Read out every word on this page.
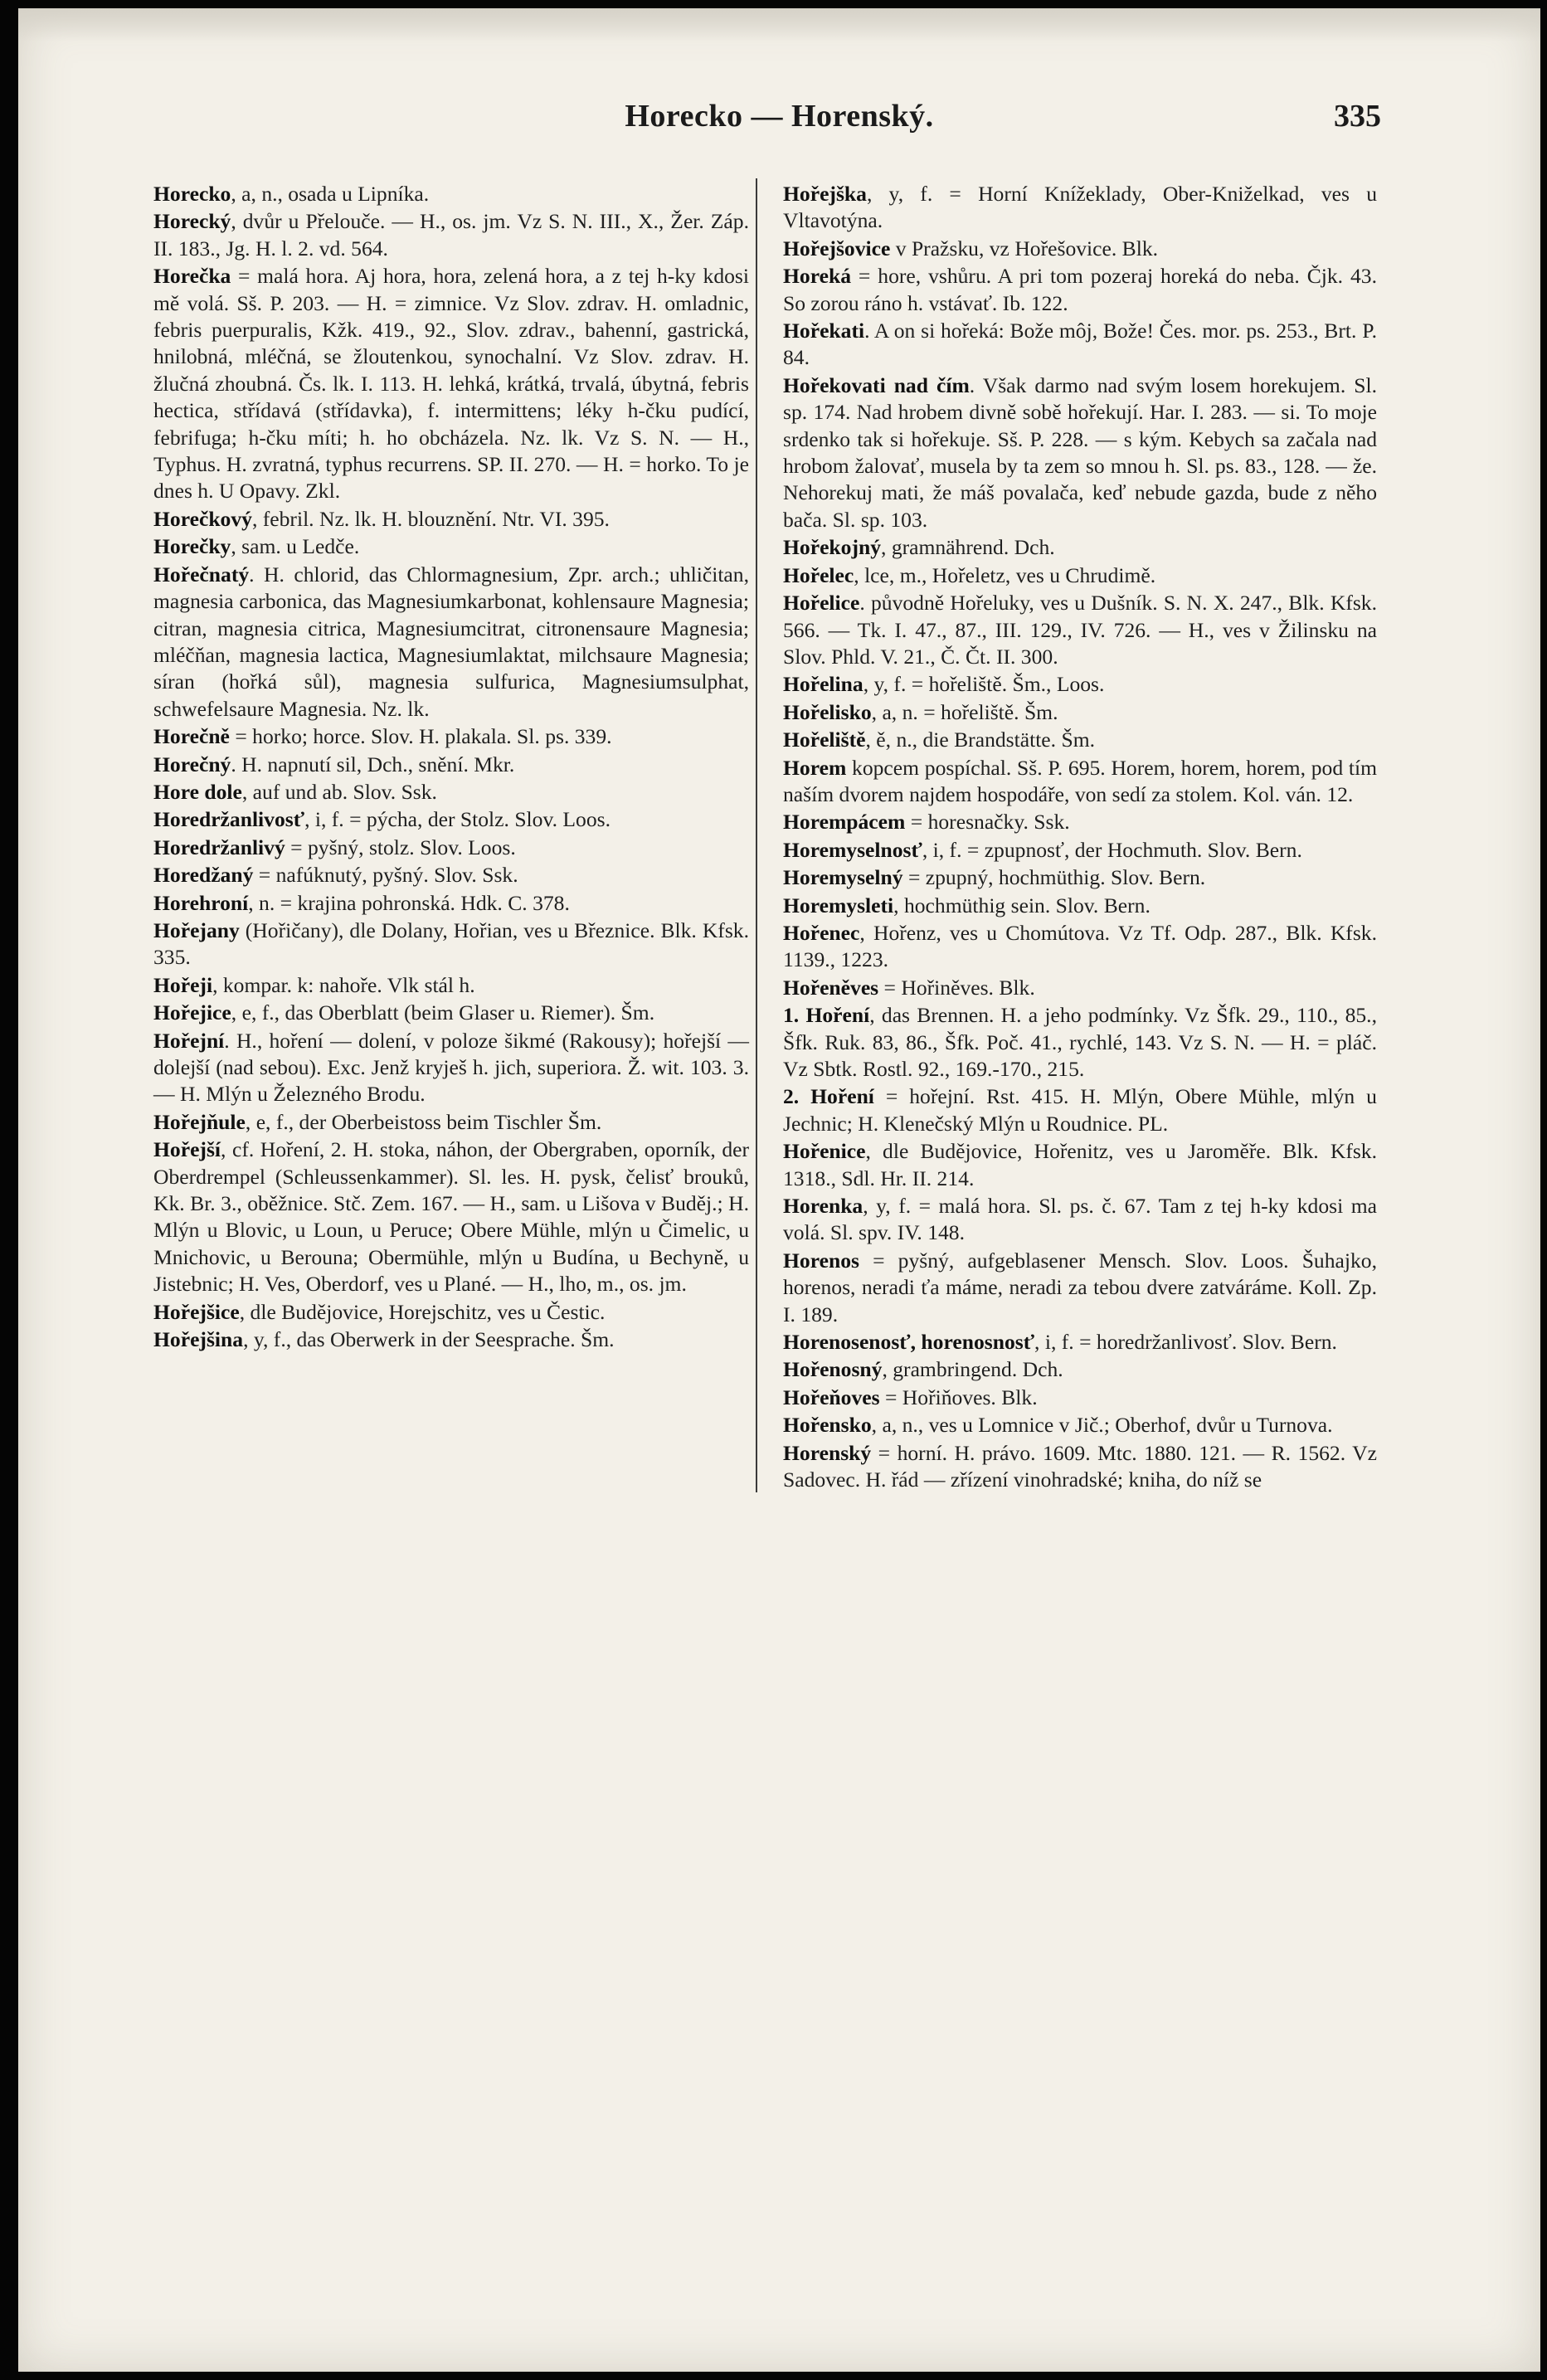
Horecko — Horenský.	335

Horecko, a, n., osada u Lipníka.

Horecký, dvůr u Přelouče. — H., os. jm. Vz S. N. III., X., Žer. Záp. II. 183., Jg. H. l. 2. vd. 564.

Horečka = malá hora. Aj hora, hora, zelená hora, a z tej h-ky kdosi mě volá. Sš. P. 203. — H. = zimnice. Vz Slov. zdrav. H. omladnic, febris puerpuralis, Kžk. 419., 92., Slov. zdrav., bahenní, gastrická, hnilobná, mléčná, se žloutenkou, synochalní. Vz Slov. zdrav. H. žlučná zhoubná. Čs. lk. I. 113. H. lehká, krátká, trvalá, úbytná, febris hectica, střídavá (střídavka), f. intermittens; léky h-čku pudící, febrifuga; h-čku míti; h. ho obcházela. Nz. lk. Vz S. N. — H., Typhus. H. zvratná, typhus recurrens. SP. II. 270. — H. = horko. To je dnes h. U Opavy. Zkl.

Horečkový, febril. Nz. lk. H. blouznění. Ntr. VI. 395.

Horečky, sam. u Ledče.

Hořečnatý. H. chlorid, das Chlormagnesium, Zpr. arch.; uhličitan, magnesia carbonica, das Magnesiumkarbonat, kohlensaure Magnesia; citran, magnesia citrica, Magnesiumcitrat, citronensaure Magnesia; mléčňan, magnesia lactica, Magnesiumlaktat, milchsaure Magnesia; síran (hořká sůl), magnesia sulfurica, Magnesiumsulphat, schwefelsaure Magnesia. Nz. lk.

Horečně = horko; horce. Slov. H. plakala. Sl. ps. 339.

Horečný. H. napnutí sil, Dch., snění. Mkr.

Hore dole, auf und ab. Slov. Ssk.

Horedržanlivosť, i, f. = pýcha, der Stolz. Slov. Loos.

Horedržanlivý = pyšný, stolz. Slov. Loos.

Horedžaný = nafúknutý, pyšný. Slov. Ssk.

Horehroní, n. = krajina pohronská. Hdk. C. 378.

Hořejany (Hořičany), dle Dolany, Hořian, ves u Březnice. Blk. Kfsk. 335.

Hořeji, kompar. k: nahoře. Vlk stál h.

Hořejice, e, f., das Oberblatt (beim Glaser u. Riemer). Šm.

Hořejní. H., hoření — dolení, v poloze šikmé (Rakousy); hořejší — dolejší (nad sebou). Exc. Jenž kryješ h. jich, superiora. Ž. wit. 103. 3. — H. Mlýn u Železného Brodu.

Hořejňule, e, f., der Oberbeistoss beim Tischler Šm.

Hořejší, cf. Hoření, 2. H. stoka, náhon, der Obergraben, oporník, der Oberdrempel (Schleussenkammer). Sl. les. H. pysk, čelisť brouků, Kk. Br. 3., oběžnice. Stč. Zem. 167. — H., sam. u Lišova v Buděj.; H. Mlýn u Blovic, u Loun, u Peruce; Obere Mühle, mlýn u Čimelic, u Mnichovic, u Berouna; Obermühle, mlýn u Budína, u Bechyně, u Jistebnic; H. Ves, Oberdorf, ves u Plané. — H., lho, m., os. jm.

Hořejšice, dle Budějovice, Horejschitz, ves u Čestic.

Hořejšina, y, f., das Oberwerk in der Seesprache. Šm.

Hořejška, y, f. = Horní Knížeklady, Ober-Kniželkad, ves u Vltavotýna.

Hořejšovice v Pražsku, vz Hořešovice. Blk.

Horeká = hore, vshůru. A pri tom pozeraj horeká do neba. Čjk. 43. So zorou ráno h. vstávať. Ib. 122.

Hořekati. A on si hořeká: Bože môj, Bože! Čes. mor. ps. 253., Brt. P. 84.

Hořekovati nad čím. Však darmo nad svým losem horekujem. Sl. sp. 174. Nad hrobem divně sobě hořekují. Har. I. 283. — si. To moje srdenko tak si hořekuje. Sš. P. 228. — s kým. Kebych sa začala nad hrobom žalovať, musela by ta zem so mnou h. Sl. ps. 83., 128. — že. Nehorekuj mati, že máš povalača, keď nebude gazda, bude z něho bača. Sl. sp. 103.

Hořekojný, gramnährend. Dch.

Hořelec, lce, m., Hořeletz, ves u Chrudimě.

Hořelice. původně Hořeluky, ves u Dušník. S. N. X. 247., Blk. Kfsk. 566. — Tk. I. 47., 87., III. 129., IV. 726. — H., ves v Žilinsku na Slov. Phld. V. 21., Č. Čt. II. 300.

Hořelina, y, f. = hořeliště. Šm., Loos.

Hořelisko, a, n. = hořeliště. Šm.

Hořeliště, ě, n., die Brandstätte. Šm.

Horem kopcem pospíchal. Sš. P. 695. Horem, horem, horem, pod tím naším dvorem najdem hospodáře, von sedí za stolem. Kol. ván. 12.

Horempácem = horesnačky. Ssk.

Horemyselnosť, i, f. = zpupnosť, der Hochmuth. Slov. Bern.

Horemyselný = zpupný, hochmüthig. Slov. Bern.

Horemysleti, hochmüthig sein. Slov. Bern.

Hořenec, Hořenz, ves u Chomútova. Vz Tf. Odp. 287., Blk. Kfsk. 1139., 1223.

Hořeněves = Hořiněves. Blk.

1. Hoření, das Brennen. H. a jeho podmínky. Vz Šfk. 29., 110., 85., Šfk. Ruk. 83, 86., Šfk. Poč. 41., rychlé, 143. Vz S. N. — H. = pláč. Vz Sbtk. Rostl. 92., 169.-170., 215.

2. Hoření = hořejní. Rst. 415. H. Mlýn, Obere Mühle, mlýn u Jechnic; H. Klenečský Mlýn u Roudnice. PL.

Hořenice, dle Budějovice, Hořenitz, ves u Jaroměře. Blk. Kfsk. 1318., Sdl. Hr. II. 214.

Horenka, y, f. = malá hora. Sl. ps. č. 67. Tam z tej h-ky kdosi ma volá. Sl. spv. IV. 148.

Horenos = pyšný, aufgeblasener Mensch. Slov. Loos. Šuhajko, horenos, neradi ťa máme, neradi za tebou dvere zatváráme. Koll. Zp. I. 189.

Horenosenosť, horenosnosť, i, f. = horedržanlivosť. Slov. Bern.

Hořenosný, grambringend. Dch.

Hořeňoves = Hořiňoves. Blk.

Hořensko, a, n., ves u Lomnice v Jič.; Oberhof, dvůr u Turnova.

Horenský = horní. H. právo. 1609. Mtc. 1880. 121. — R. 1562. Vz Sadovec. H. řád — zřízení vinohradské; kniha, do níž se
